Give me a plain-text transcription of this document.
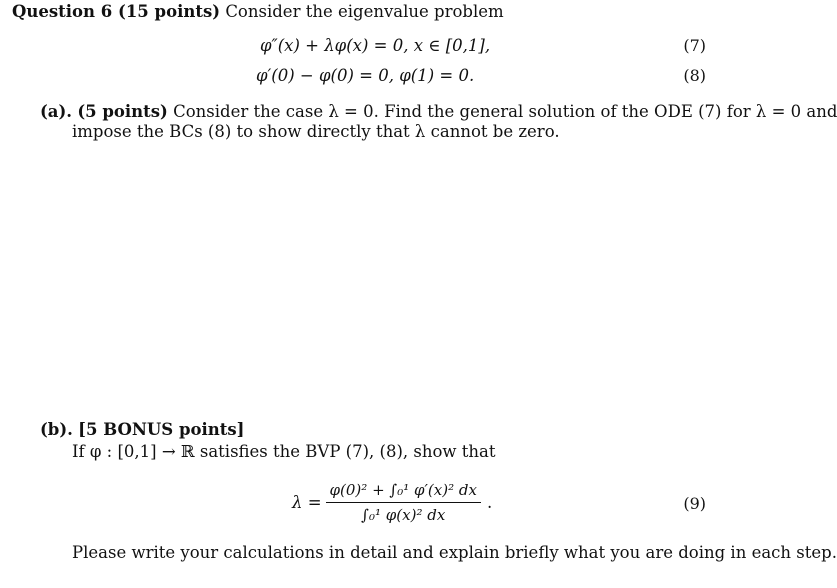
Question 6 (15 points) Consider the eigenvalue problem
φ″(x) + λφ(x) = 0, x ∈ [0,1],	(7)
φ′(0) − φ(0) = 0, φ(1) = 0.	(8)
(a). (5 points) Consider the case λ = 0. Find the general solution of the ODE (7) for λ = 0 and
impose the BCs (8) to show directly that λ cannot be zero.
(b). [5 BONUS points]
If φ : [0,1] → ℝ satisfies the BVP (7), (8), show that
$\lambda = \frac{\text{φ(0)² + ∫₀¹ φ′(x)² dx}}{\text{∫₀¹ φ(x)² dx}}$ .	(9)
Please write your calculations in detail and explain briefly what you are doing in each step.
